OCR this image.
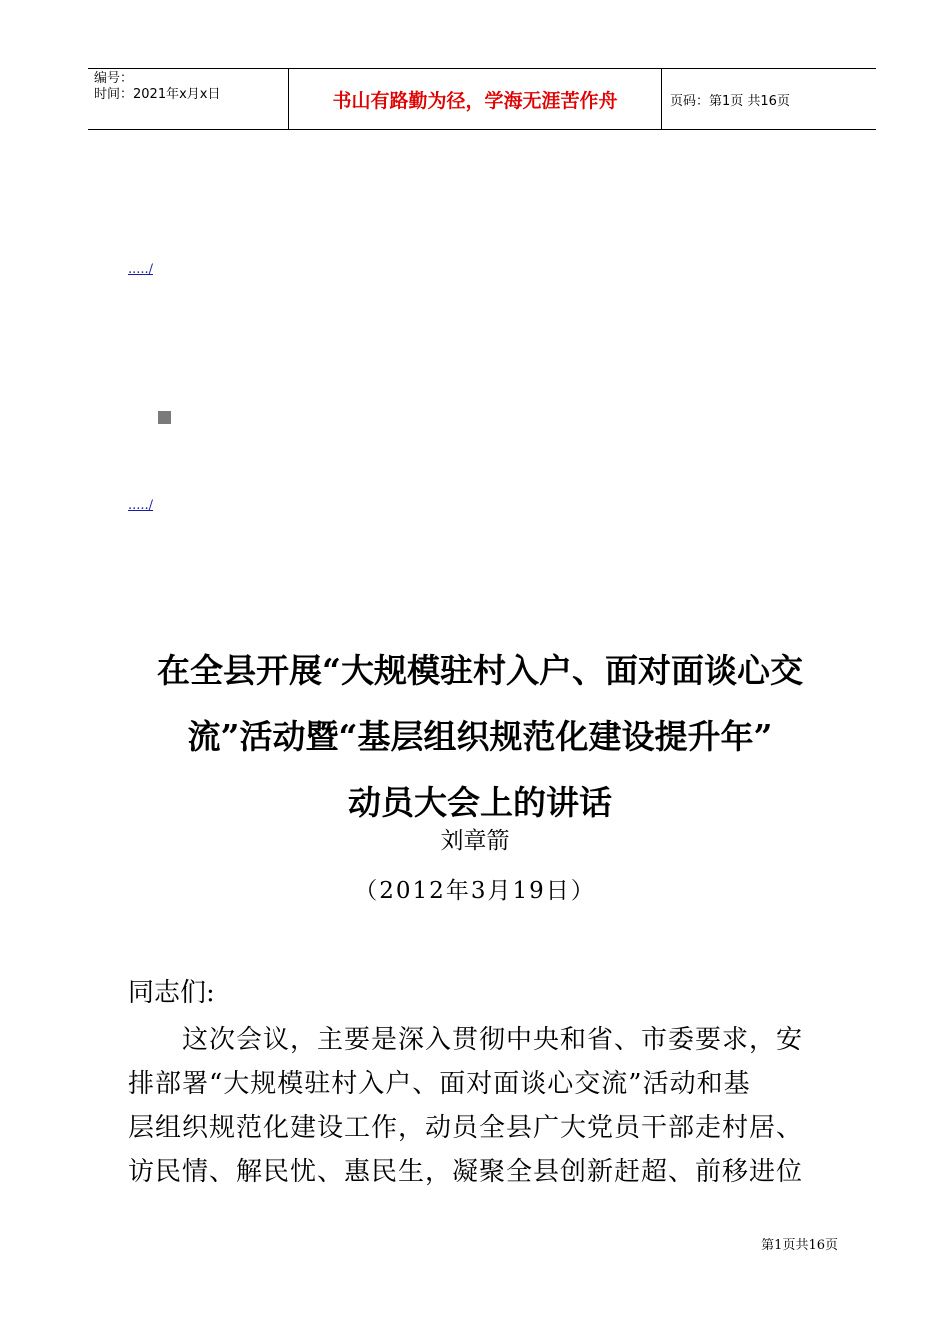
编号：
时间：2021年x月x日	书山有路勤为径，学海无涯苦作舟	页码：第1页 共16页
...../
...../
在全县开展“大规模驻村入户、面对面谈心交
流”活动暨“基层组织规范化建设提升年”
动员大会上的讲话
刘章箭
（2012年3月19日）
同志们:
　　这次会议，主要是深入贯彻中央和省、市委要求，安
排部署“大规模驻村入户、面对面谈心交流”活动和基
层组织规范化建设工作，动员全县广大党员干部走村居、
访民情、解民忧、惠民生，凝聚全县创新赶超、前移进位
第1页共16页
